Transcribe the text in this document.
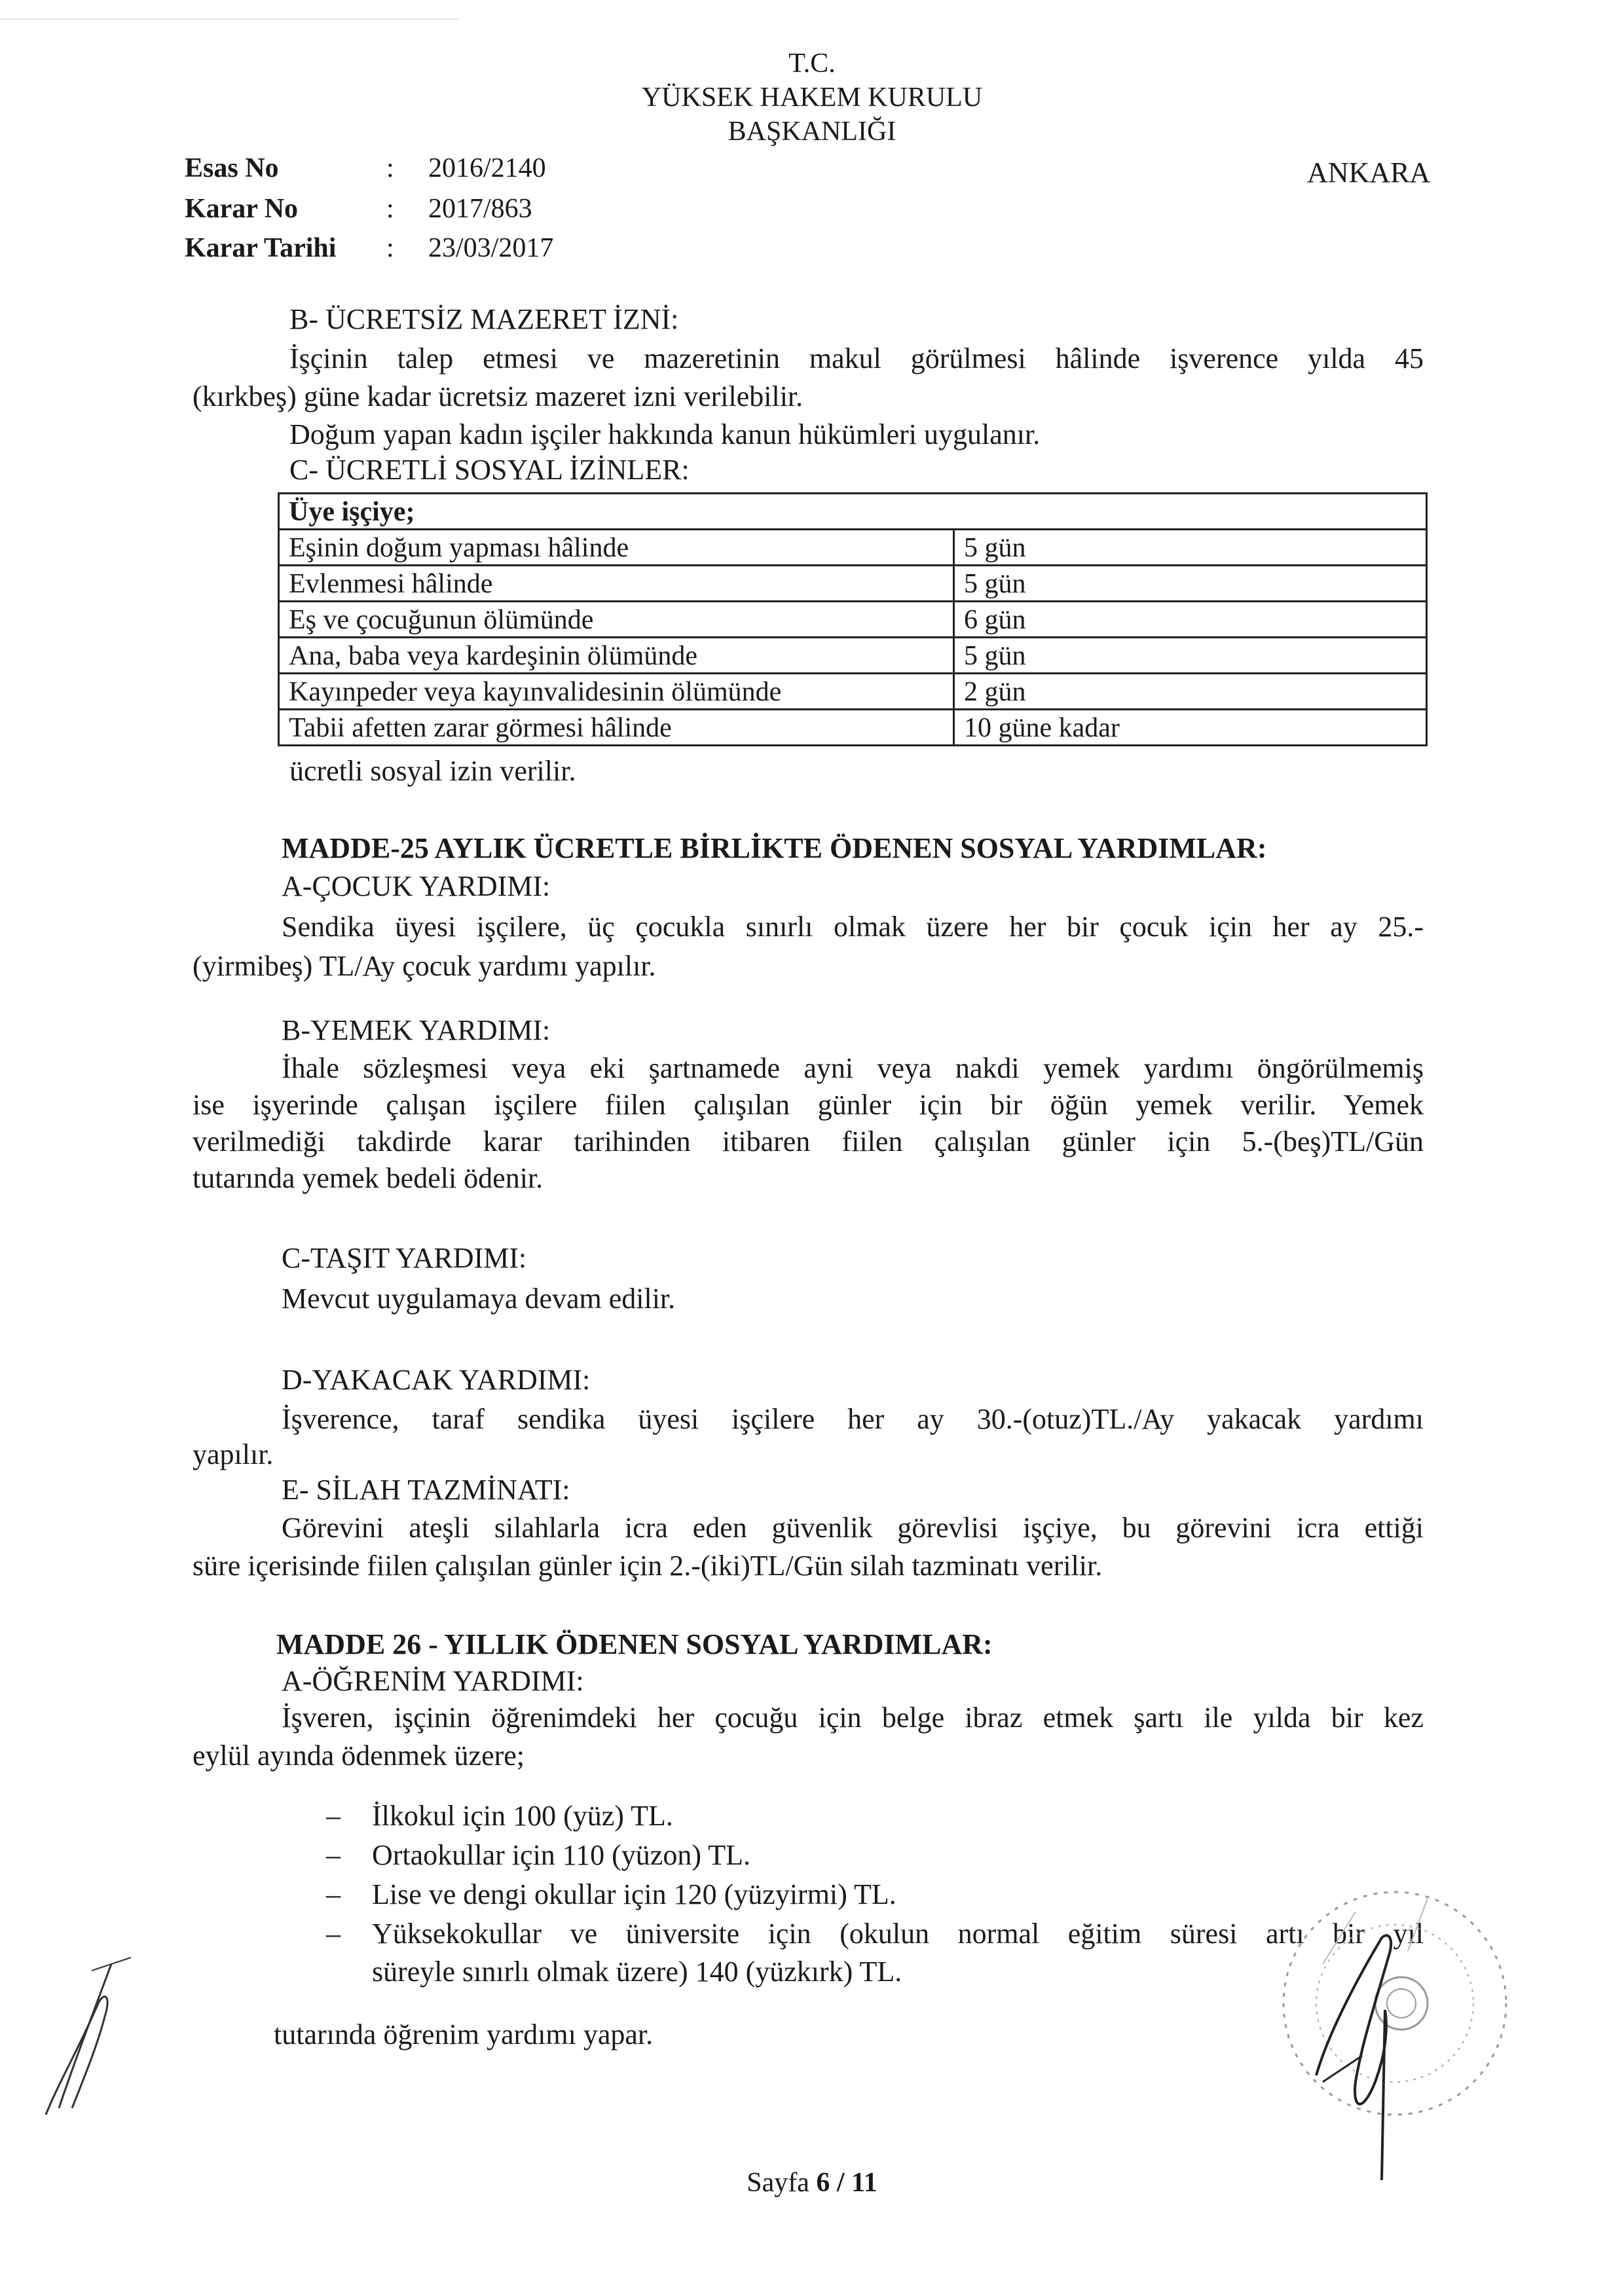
T.C.
YÜKSEK HAKEM KURULU
BAŞKANLIĞI
ANKARA
Esas No	: 2016/2140
Karar No	: 2017/863
Karar Tarihi : 23/03/2017
B- ÜCRETSİZ MAZERET İZNİ:
İşçinin talep etmesi ve mazeretinin makul görülmesi hâlinde işverence yılda 45
(kırkbeş) güne kadar ücretsiz mazeret izni verilebilir.
Doğum yapan kadın işçiler hakkında kanun hükümleri uygulanır.
C- ÜCRETLİ SOSYAL İZİNLER:
Üye işçiye;	
Eşinin doğum yapması hâlinde	5 gün
Evlenmesi hâlinde	5 gün
Eş ve çocuğunun ölümünde	6 gün
Ana, baba veya kardeşinin ölümünde	5 gün
Kayınpeder veya kayınvalidesinin ölümünde	2 gün
Tabii afetten zarar görmesi hâlinde	10 güne kadar
ücretli sosyal izin verilir.
MADDE-25 AYLIK ÜCRETLE BİRLİKTE ÖDENEN SOSYAL YARDIMLAR:
A-ÇOCUK YARDIMI:
Sendika üyesi işçilere, üç çocukla sınırlı olmak üzere her bir çocuk için her ay 25.-
(yirmibeş) TL/Ay çocuk yardımı yapılır.
B-YEMEK YARDIMI:
İhale sözleşmesi veya eki şartnamede ayni veya nakdi yemek yardımı öngörülmemiş
ise işyerinde çalışan işçilere fiilen çalışılan günler için bir öğün yemek verilir. Yemek
verilmediği takdirde karar tarihinden itibaren fiilen çalışılan günler için 5.-(beş)TL/Gün
tutarında yemek bedeli ödenir.
C-TAŞIT YARDIMI:
Mevcut uygulamaya devam edilir.
D-YAKACAK YARDIMI:
İşverence, taraf sendika üyesi işçilere her ay 30.-(otuz)TL./Ay yakacak yardımı
yapılır.
E- SİLAH TAZMİNATI:
Görevini ateşli silahlarla icra eden güvenlik görevlisi işçiye, bu görevini icra ettiği
süre içerisinde fiilen çalışılan günler için 2.-(iki)TL/Gün silah tazminatı verilir.
MADDE 26 - YILLIK ÖDENEN SOSYAL YARDIMLAR:
A-ÖĞRENİM YARDIMI:
İşveren, işçinin öğrenimdeki her çocuğu için belge ibraz etmek şartı ile yılda bir kez
eylül ayında ödenmek üzere;
– İlkokul için 100 (yüz) TL.
– Ortaokullar için 110 (yüzon) TL.
– Lise ve dengi okullar için 120 (yüzyirmi) TL.
– Yüksekokullar ve üniversite için (okulun normal eğitim süresi artı bir yıl
süreyle sınırlı olmak üzere) 140 (yüzkırk) TL.
tutarında öğrenim yardımı yapar.
Sayfa 6 / 11
